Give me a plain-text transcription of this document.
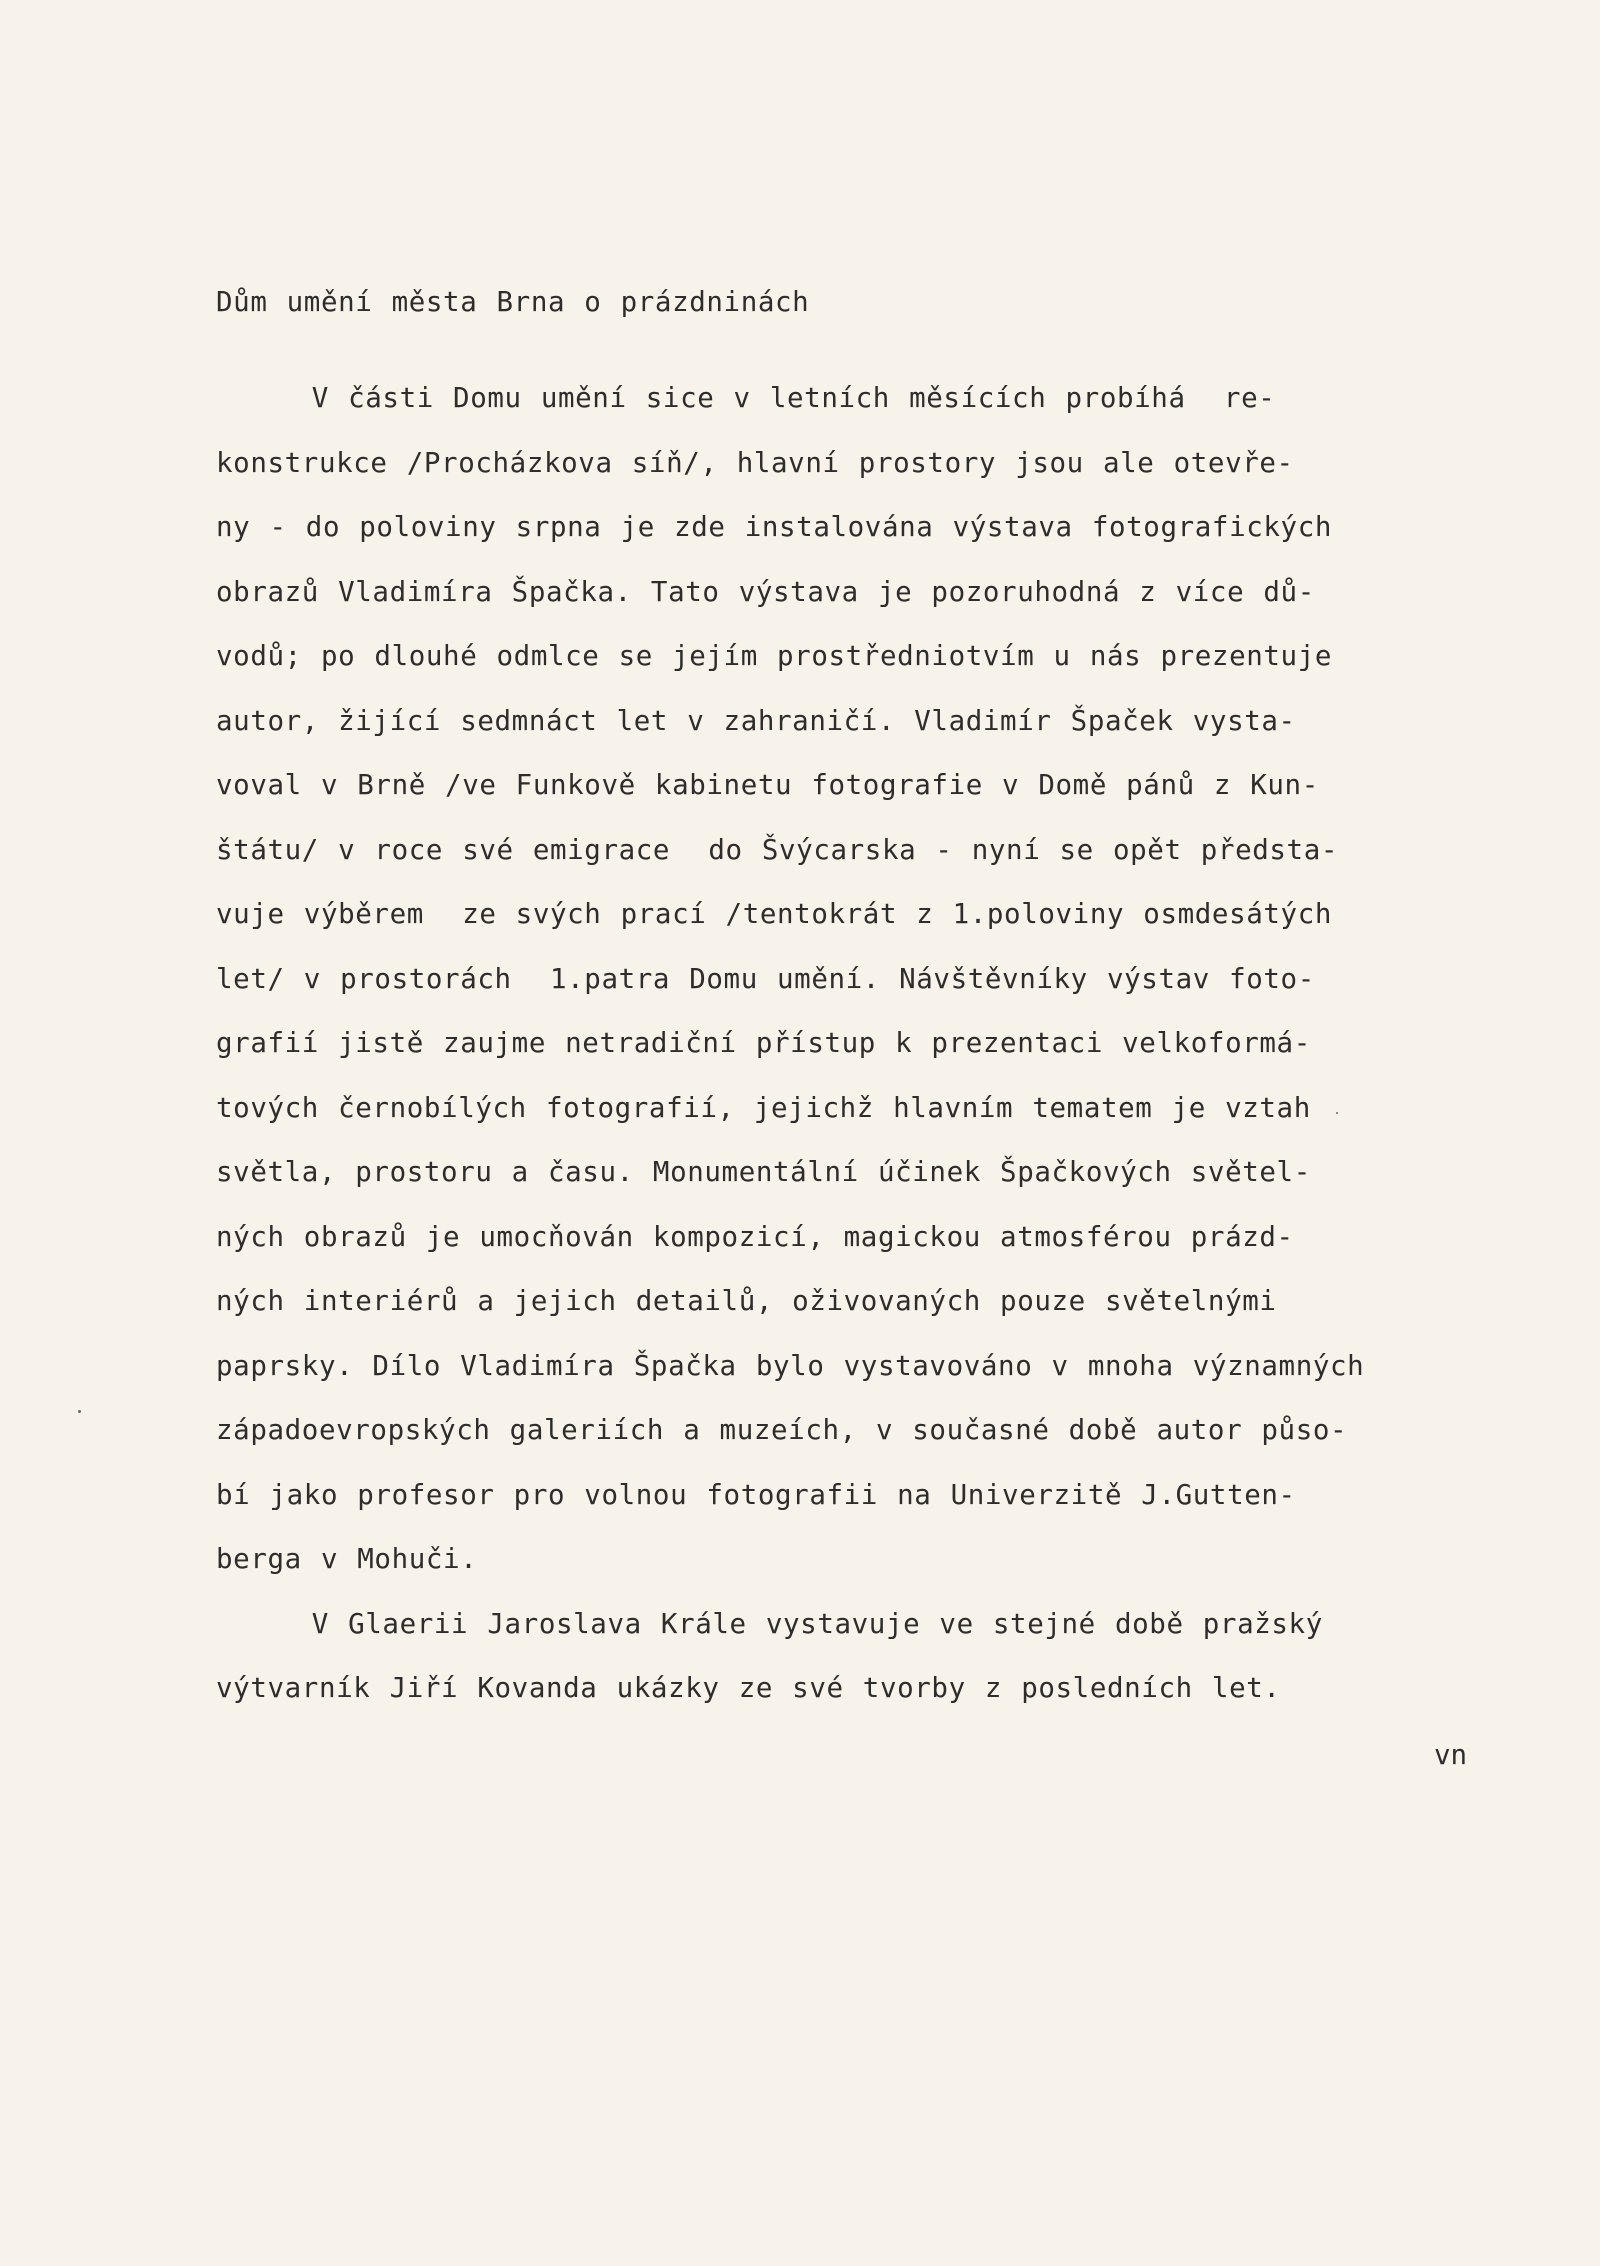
Dům umění města Brna o prázdninách
V části Domu umění sice v letních měsících probíhá  re-
konstrukce /Procházkova síň/, hlavní prostory jsou ale otevře-
ny - do poloviny srpna je zde instalována výstava fotografických
obrazů Vladimíra Špačka. Tato výstava je pozoruhodná z více dů-
vodů; po dlouhé odmlce se jejím prostředniotvím u nás prezentuje
autor, žijící sedmnáct let v zahraničí. Vladimír Špaček vysta-
voval v Brně /ve Funkově kabinetu fotografie v Domě pánů z Kun-
štátu/ v roce své emigrace  do Švýcarska - nyní se opět předsta-
vuje výběrem  ze svých prací /tentokrát z 1.poloviny osmdesátých
let/ v prostorách  1.patra Domu umění. Návštěvníky výstav foto-
grafií jistě zaujme netradiční přístup k prezentaci velkoformá-
tových černobílých fotografií, jejichž hlavním tematem je vztah
světla, prostoru a času. Monumentální účinek Špačkových světel-
ných obrazů je umocňován kompozicí, magickou atmosférou prázd-
ných interiérů a jejich detailů, oživovaných pouze světelnými
paprsky. Dílo Vladimíra Špačka bylo vystavováno v mnoha významných
západoevropských galeriích a muzeích, v současné době autor půso-
bí jako profesor pro volnou fotografii na Univerzitě J.Gutten-
berga v Mohuči.
V Glaerii Jaroslava Krále vystavuje ve stejné době pražský
výtvarník Jiří Kovanda ukázky ze své tvorby z posledních let.
vn
